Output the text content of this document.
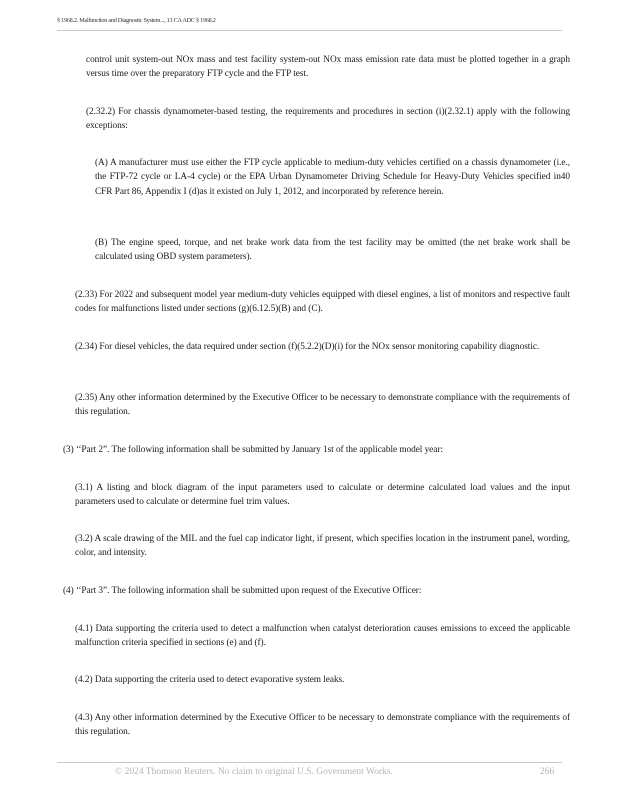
§ 1968.2. Malfunction and Diagnostic System..., 13 CA ADC § 1968.2

control unit system-out NOx mass and test facility system-out NOx mass emission rate data must be plotted together in a graph versus time over the preparatory FTP cycle and the FTP test.

(2.32.2) For chassis dynamometer-based testing, the requirements and procedures in section (i)(2.32.1) apply with the following exceptions:

(A) A manufacturer must use either the FTP cycle applicable to medium-duty vehicles certified on a chassis dynamometer (i.e., the FTP-72 cycle or LA-4 cycle) or the EPA Urban Dynamometer Driving Schedule for Heavy-Duty Vehicles specified in40 CFR Part 86, Appendix I (d)as it existed on July 1, 2012, and incorporated by reference herein.

(B) The engine speed, torque, and net brake work data from the test facility may be omitted (the net brake work shall be calculated using OBD system parameters).

(2.33) For 2022 and subsequent model year medium-duty vehicles equipped with diesel engines, a list of monitors and respective fault codes for malfunctions listed under sections (g)(6.12.5)(B) and (C).

(2.34) For diesel vehicles, the data required under section (f)(5.2.2)(D)(i) for the NOx sensor monitoring capability diagnostic.

(2.35) Any other information determined by the Executive Officer to be necessary to demonstrate compliance with the requirements of this regulation.

(3) ‘‘Part 2”. The following information shall be submitted by January 1st of the applicable model year:

(3.1) A listing and block diagram of the input parameters used to calculate or determine calculated load values and the input parameters used to calculate or determine fuel trim values.

(3.2) A scale drawing of the MIL and the fuel cap indicator light, if present, which specifies location in the instrument panel, wording, color, and intensity.

(4) ‘‘Part 3”. The following information shall be submitted upon request of the Executive Officer:

(4.1) Data supporting the criteria used to detect a malfunction when catalyst deterioration causes emissions to exceed the applicable malfunction criteria specified in sections (e) and (f).

(4.2) Data supporting the criteria used to detect evaporative system leaks.

(4.3) Any other information determined by the Executive Officer to be necessary to demonstrate compliance with the requirements of this regulation.

© 2024 Thomson Reuters. No claim to original U.S. Government Works.	266
